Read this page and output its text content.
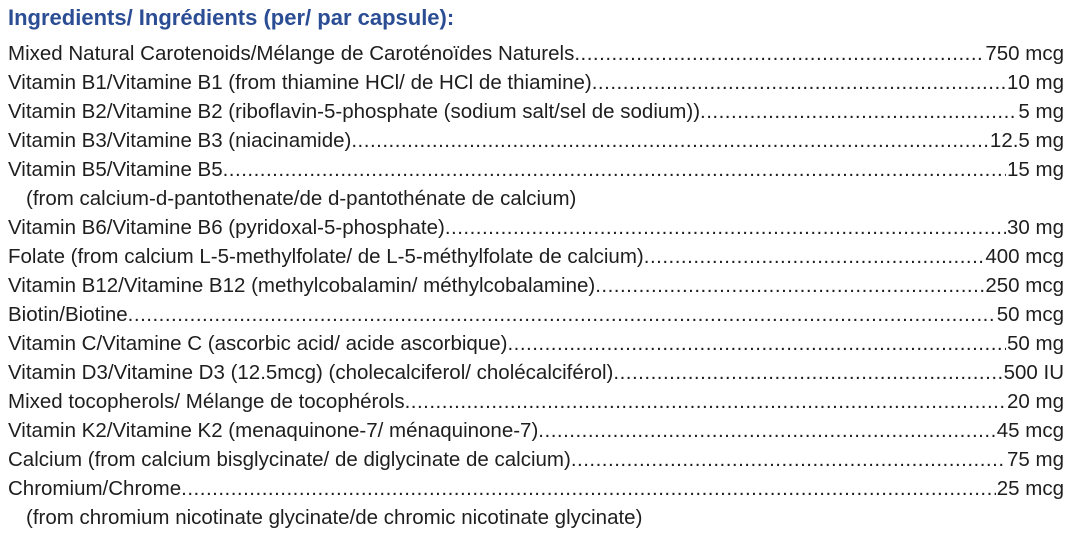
Ingredients/ Ingrédients (per/ par capsule):
Mixed Natural Carotenoids/Mélange de Caroténoïdes Naturels .....	750 mcg
Vitamin B1/Vitamine B1 (from thiamine HCl/ de HCl de thiamine) .....	10 mg
Vitamin B2/Vitamine B2 (riboflavin-5-phosphate (sodium salt/sel de sodium)) .....	5 mg
Vitamin B3/Vitamine B3 (niacinamide) .....	12.5 mg
Vitamin B5/Vitamine B5 .....	15 mg
(from calcium-d-pantothenate/de d-pantothénate de calcium)
Vitamin B6/Vitamine B6 (pyridoxal-5-phosphate) .....	30 mg
Folate (from calcium L-5-methylfolate/ de L-5-méthylfolate de calcium) .....	400 mcg
Vitamin B12/Vitamine B12 (methylcobalamin/ méthylcobalamine) .....	250 mcg
Biotin/Biotine .....	50 mcg
Vitamin C/Vitamine C (ascorbic acid/ acide ascorbique) .....	50 mg
Vitamin D3/Vitamine D3 (12.5mcg) (cholecalciferol/ cholécalciférol) .....	500 IU
Mixed tocopherols/ Mélange de tocophérols .....	20 mg
Vitamin K2/Vitamine K2 (menaquinone-7/ ménaquinone-7) .....	45 mcg
Calcium (from calcium bisglycinate/ de diglycinate de calcium) .....	75 mg
Chromium/Chrome .....	25 mcg
(from chromium nicotinate glycinate/de chromic nicotinate glycinate)
